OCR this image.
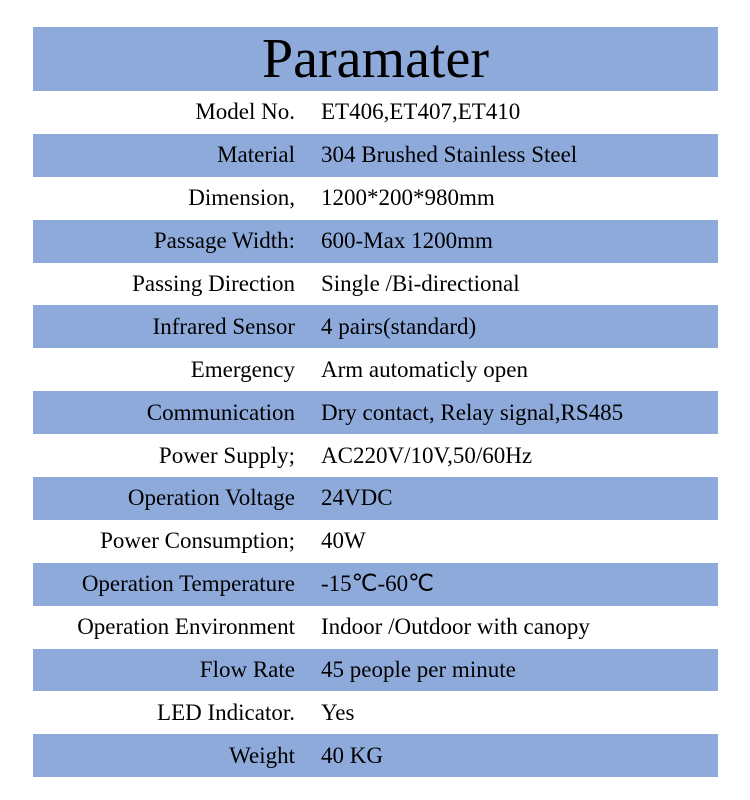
Paramater
Model No.	ET406,ET407,ET410
Material	304 Brushed Stainless Steel
Dimension,	1200*200*980mm
Passage Width:	600-Max 1200mm
Passing Direction	Single /Bi-directional
Infrared Sensor	4 pairs(standard)
Emergency	Arm automaticly open
Communication	Dry contact, Relay signal,RS485
Power Supply;	AC220V/10V,50/60Hz
Operation Voltage	24VDC
Power Consumption;	40W
Operation Temperature	-15℃-60℃
Operation Environment	Indoor /Outdoor with canopy
Flow Rate	45 people per minute
LED Indicator.	Yes
Weight	40 KG
